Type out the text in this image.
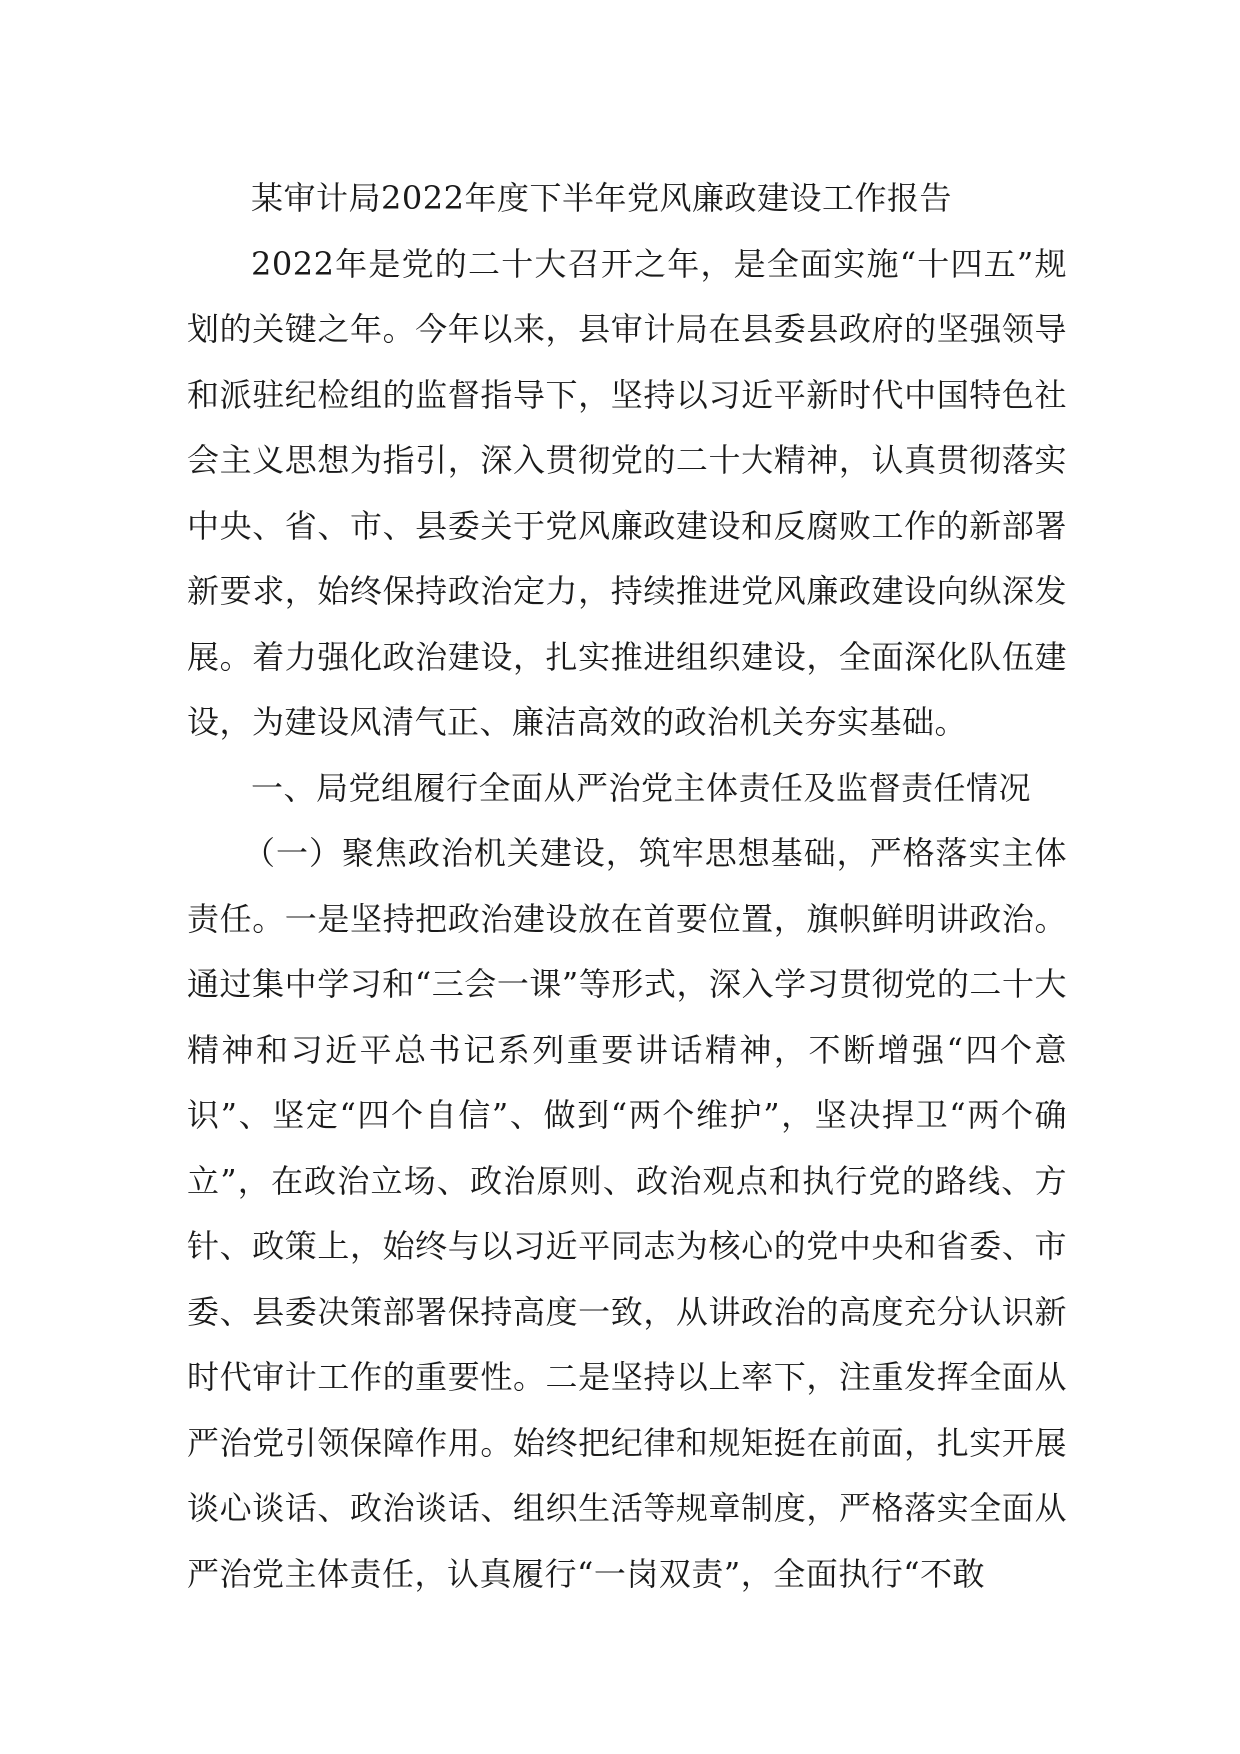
某审计局2022年度下半年党风廉政建设工作报告

2022年是党的二十大召开之年，是全面实施“十四五”规划的关键之年。今年以来，县审计局在县委县政府的坚强领导和派驻纪检组的监督指导下，坚持以习近平新时代中国特色社会主义思想为指引，深入贯彻党的二十大精神，认真贯彻落实中央、省、市、县委关于党风廉政建设和反腐败工作的新部署新要求，始终保持政治定力，持续推进党风廉政建设向纵深发展。着力强化政治建设，扎实推进组织建设，全面深化队伍建设，为建设风清气正、廉洁高效的政治机关夯实基础。

一、局党组履行全面从严治党主体责任及监督责任情况

（一）聚焦政治机关建设，筑牢思想基础，严格落实主体责任。一是坚持把政治建设放在首要位置，旗帜鲜明讲政治。通过集中学习和“三会一课”等形式，深入学习贯彻党的二十大精神和习近平总书记系列重要讲话精神，不断增强“四个意识”、坚定“四个自信”、做到“两个维护”，坚决捍卫“两个确立”，在政治立场、政治原则、政治观点和执行党的路线、方针、政策上，始终与以习近平同志为核心的党中央和省委、市委、县委决策部署保持高度一致，从讲政治的高度充分认识新时代审计工作的重要性。二是坚持以上率下，注重发挥全面从严治党引领保障作用。始终把纪律和规矩挺在前面，扎实开展谈心谈话、政治谈话、组织生活等规章制度，严格落实全面从严治党主体责任，认真履行“一岗双责”，全面执行“不敢
